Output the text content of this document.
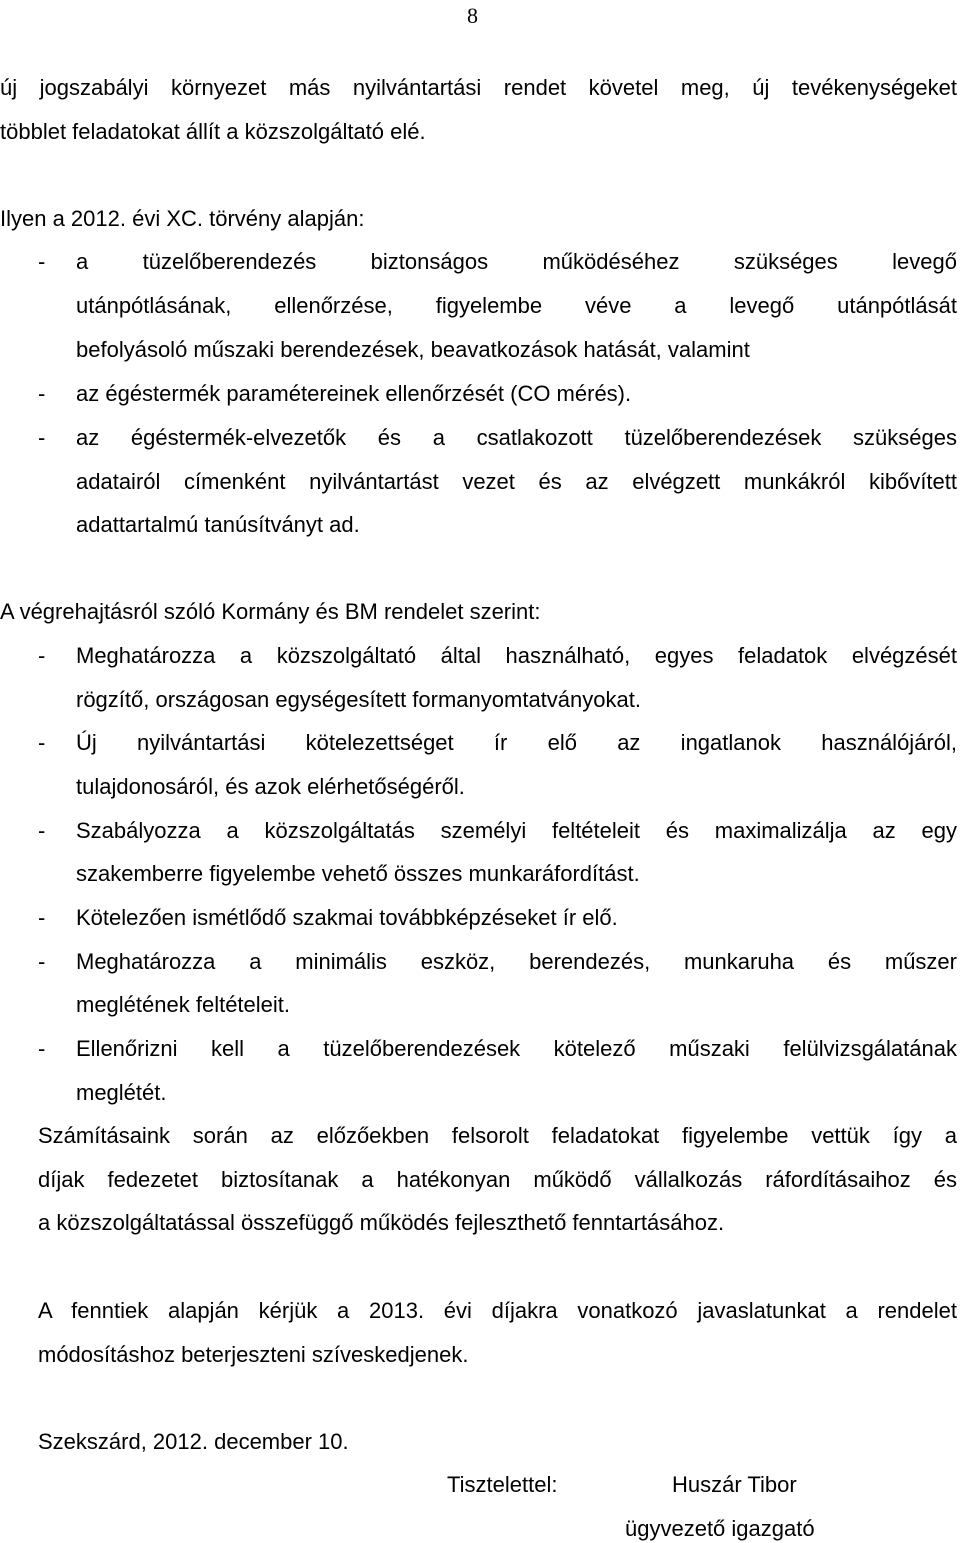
8
új jogszabályi környezet más nyilvántartási rendet követel meg, új tevékenységeket
többlet feladatokat állít a közszolgáltató elé.
Ilyen a 2012. évi XC. törvény alapján:
- a tüzelőberendezés biztonságos működéséhez szükséges levegő
utánpótlásának, ellenőrzése, figyelembe véve a levegő utánpótlását
befolyásoló műszaki berendezések, beavatkozások hatását, valamint
- az égéstermék paramétereinek ellenőrzését (CO mérés).
- az égéstermék-elvezetők és a csatlakozott tüzelőberendezések szükséges
adatairól címenként nyilvántartást vezet és az elvégzett munkákról kibővített
adattartalmú tanúsítványt ad.
A végrehajtásról szóló Kormány és BM rendelet szerint:
- Meghatározza a közszolgáltató által használható, egyes feladatok elvégzését
rögzítő, országosan egységesített formanyomtatványokat.
- Új nyilvántartási kötelezettséget ír elő az ingatlanok használójáról,
tulajdonosáról, és azok elérhetőségéről.
- Szabályozza a közszolgáltatás személyi feltételeit és maximalizálja az egy
szakemberre figyelembe vehető összes munkaráfordítást.
- Kötelezően ismétlődő szakmai továbbképzéseket ír elő.
- Meghatározza a minimális eszköz, berendezés, munkaruha és műszer
meglétének feltételeit.
- Ellenőrizni kell a tüzelőberendezések kötelező műszaki felülvizsgálatának
meglétét.
Számításaink során az előzőekben felsorolt feladatokat figyelembe vettük így a
díjak fedezetet biztosítanak a hatékonyan működő vállalkozás ráfordításaihoz és
a közszolgáltatással összefüggő működés fejleszthető fenntartásához.
A fenntiek alapján kérjük a 2013. évi díjakra vonatkozó javaslatunkat a rendelet
módosításhoz beterjeszteni szíveskedjenek.
Szekszárd, 2012. december 10.
Tisztelettel:	Huszár Tibor
ügyvezető igazgató
